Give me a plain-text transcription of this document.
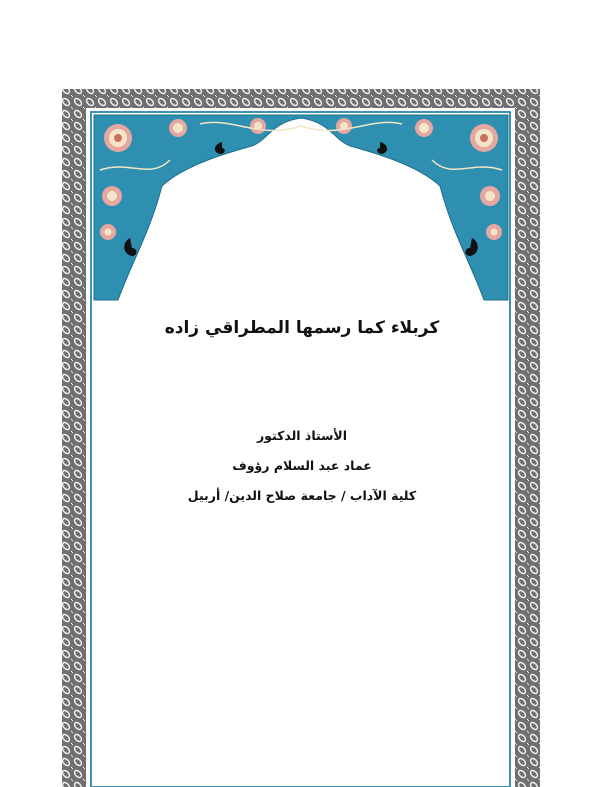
كربلاء كما رسمها المطراقي زاده

الأستاذ الدكتور

عماد عبد السلام رؤوف

كلية الآداب / جامعة صلاح الدين/ أربيل
